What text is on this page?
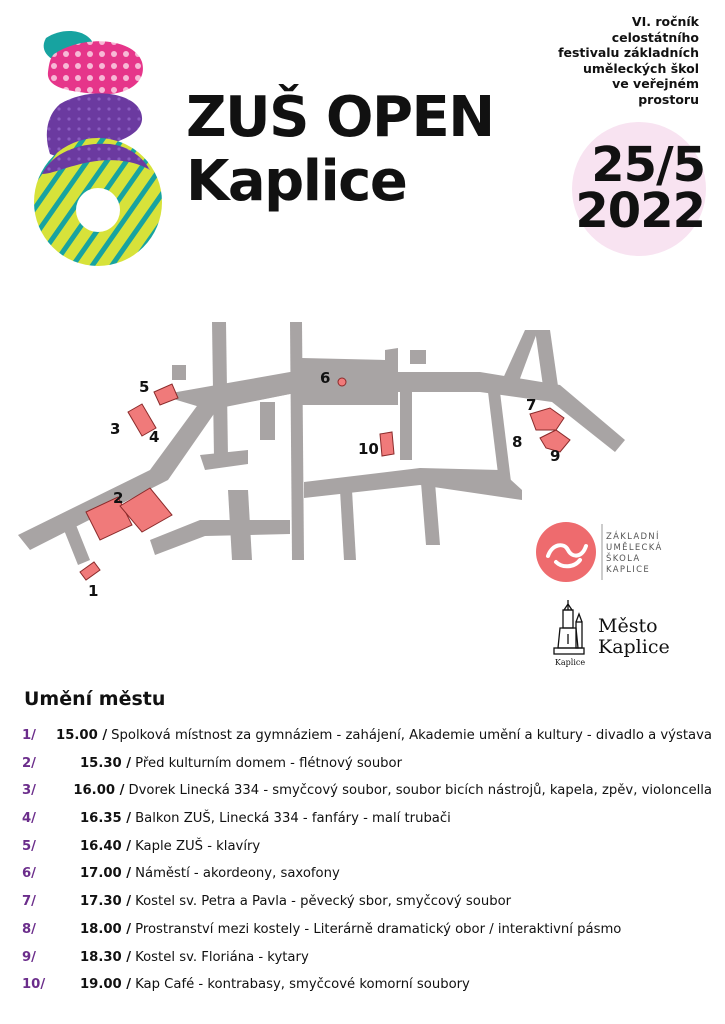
ZUŠ OPEN
Kaplice
VI. ročník
celostátního
festivalu základních
uměleckých škol
ve veřejném
prostoru
25/5
2022
1
2
3 4
5	6
7
8
9
10
ZÁKLADNÍ
UMĚLECKÁ
ŠKOLA
KAPLICE
Kaplice
Město
Kaplice
Umění městu
1/	15.00 / Spolková místnost za gymnáziem - zahájení, Akademie umění a kultury - divadlo a výstava
2/	15.30 / Před kulturním domem - flétnový soubor
3/	16.00 / Dvorek Linecká 334 - smyčcový soubor, soubor bicích nástrojů, kapela, zpěv, violoncella
4/	16.35 / Balkon ZUŠ, Linecká 334 - fanfáry - malí trubači
5/	16.40 / Kaple ZUŠ - klavíry
6/	17.00 / Náměstí - akordeony, saxofony
7/	17.30 / Kostel sv. Petra a Pavla - pěvecký sbor, smyčcový soubor
8/	18.00 / Prostranství mezi kostely - Literárně dramatický obor / interaktivní pásmo
9/	18.30 / Kostel sv. Floriána - kytary
10/	19.00 / Kap Café - kontrabasy, smyčcové komorní soubory
